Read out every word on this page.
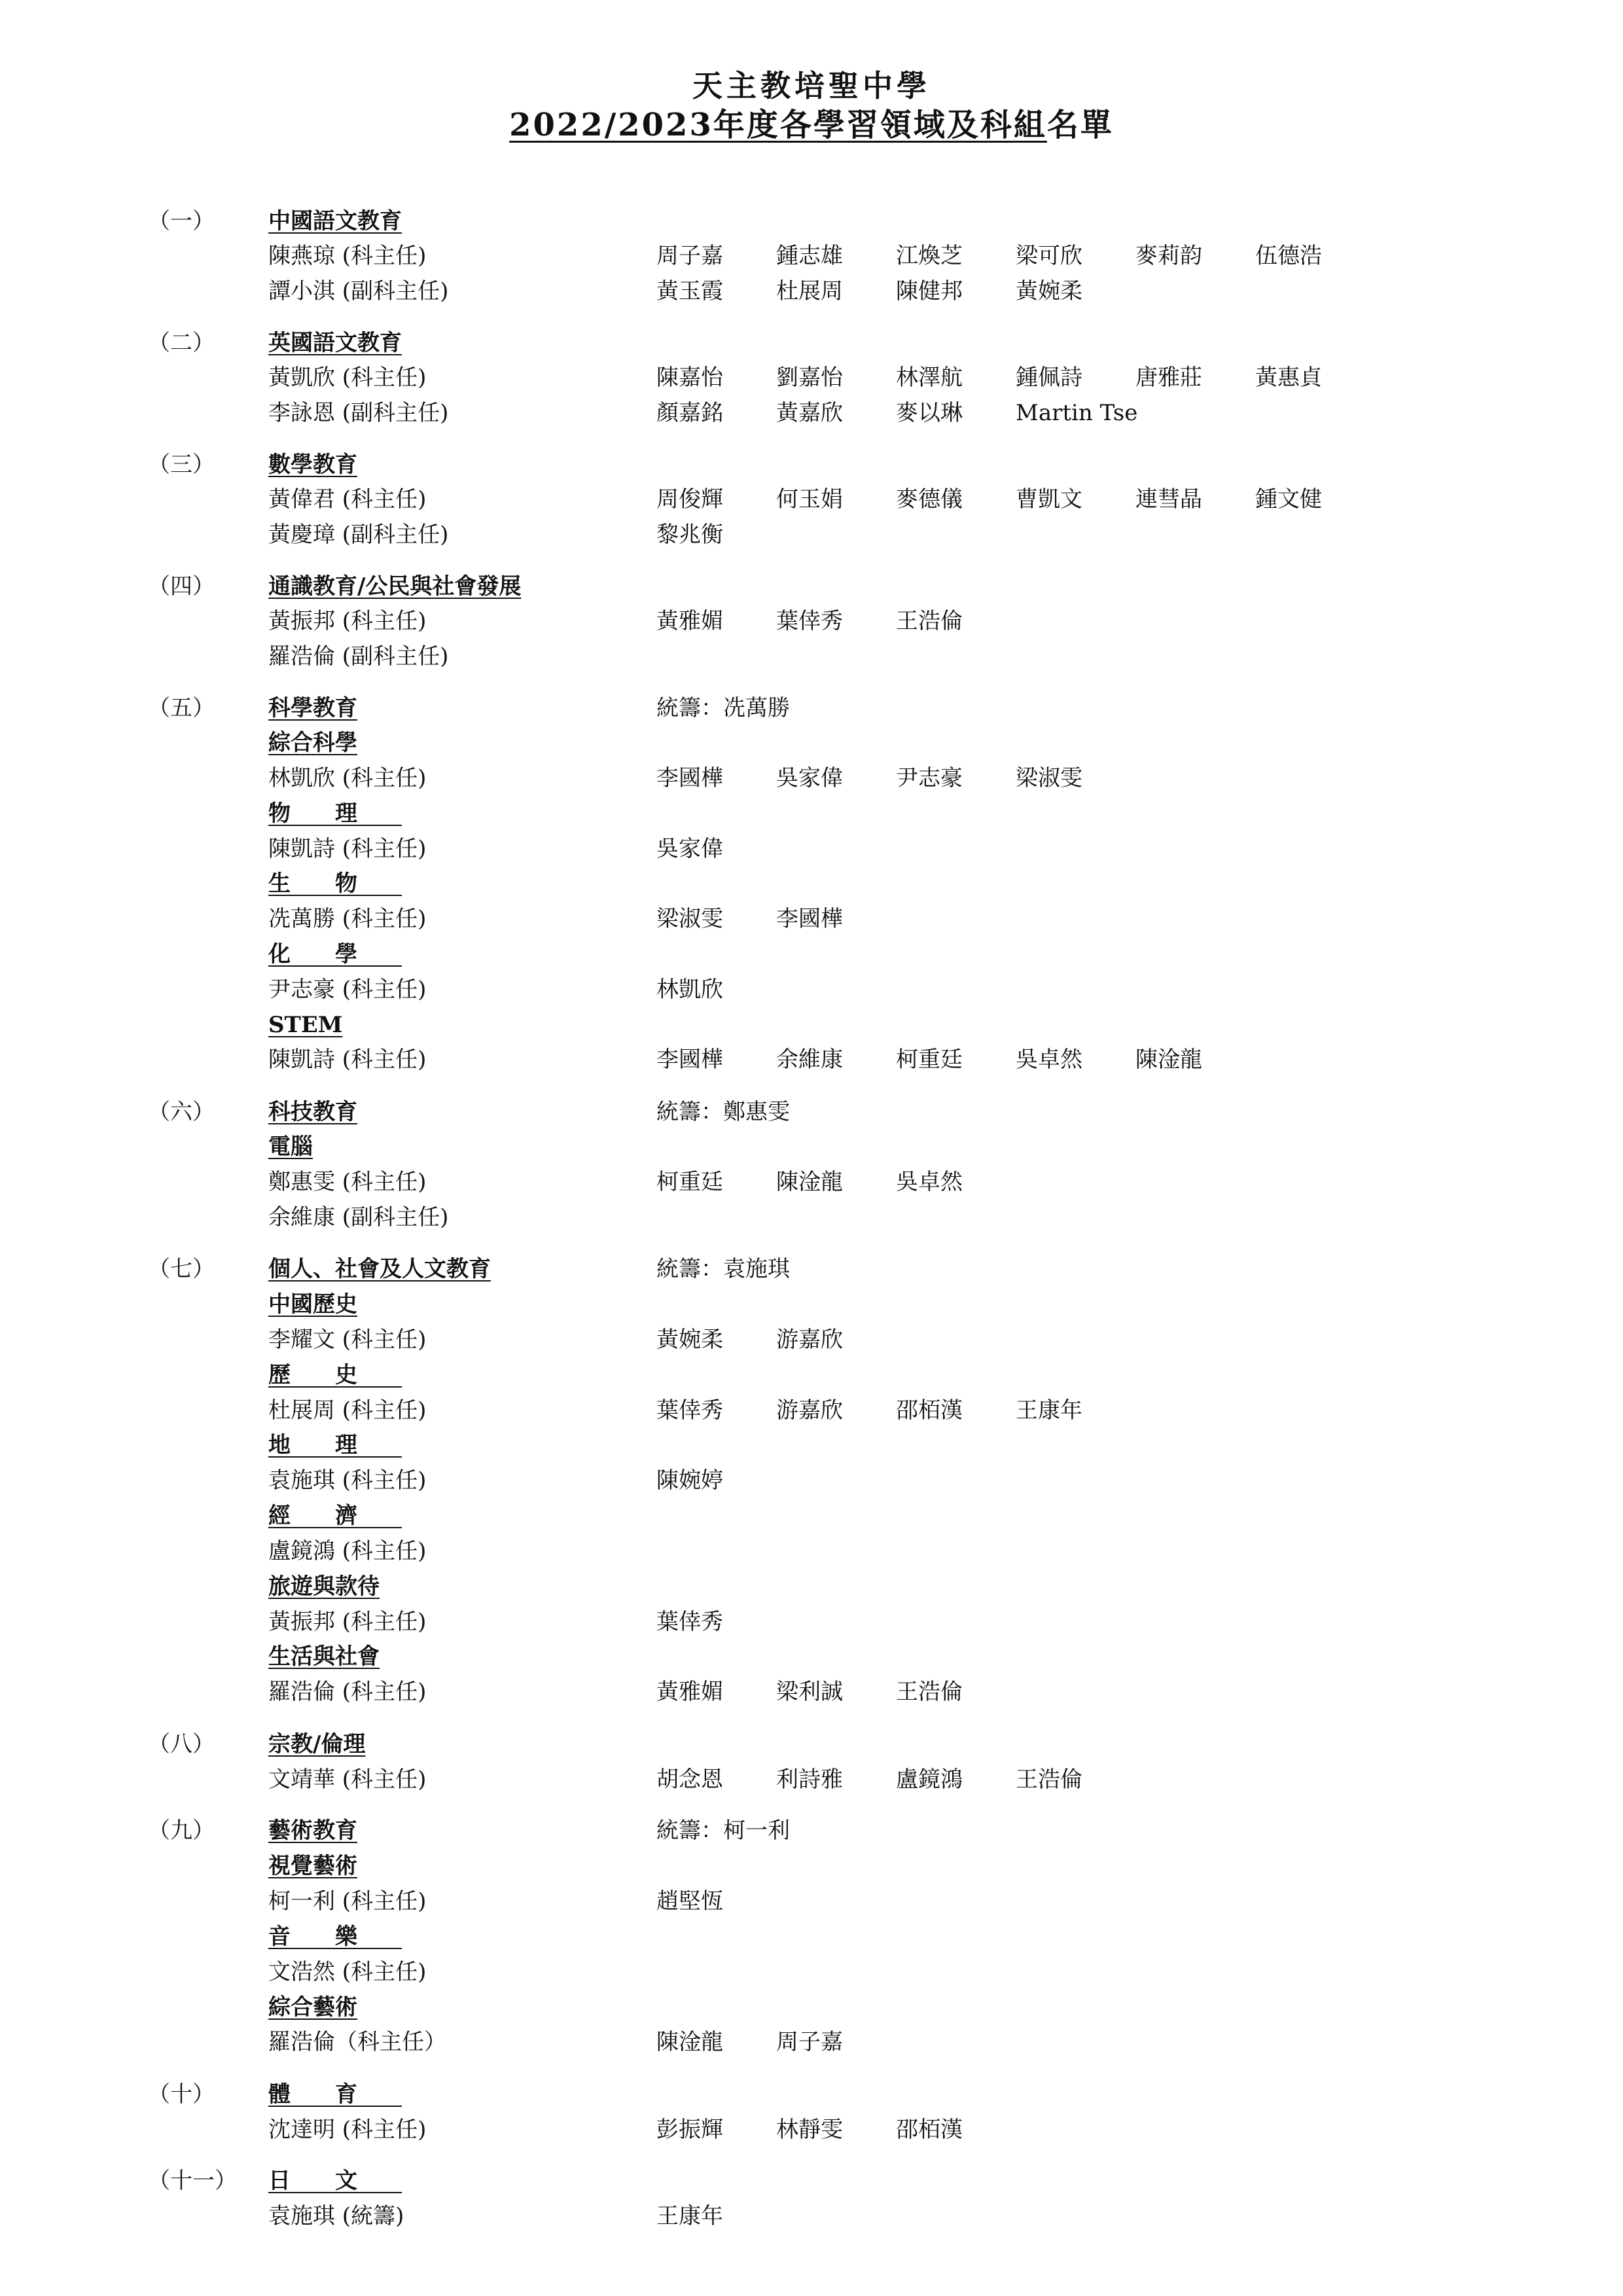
天主教培聖中學
2022/2023年度各學習領域及科組名單
（一） 中國語文教育
陳燕琼 (科主任)	周子嘉 鍾志雄 江煥芝 梁可欣 麥莉韵 伍德浩
譚小淇 (副科主任)	黃玉霞 杜展周 陳健邦 黃婉柔
（二） 英國語文教育
黃凱欣 (科主任)	陳嘉怡 劉嘉怡 林澤航 鍾佩詩 唐雅莊 黃惠貞
李詠恩 (副科主任)	顏嘉銘 黃嘉欣 麥以琳 Martin Tse
（三） 數學教育
黃偉君 (科主任)	周俊輝 何玉娟 麥德儀 曹凱文 連彗晶 鍾文健
黃慶璋 (副科主任)	黎兆衡
（四） 通識教育/公民與社會發展
黃振邦 (科主任)	黃雅媚 葉倖秀 王浩倫
羅浩倫 (副科主任)
（五） 科學教育	統籌：冼萬勝
綜合科學
林凱欣 (科主任)	李國樺 吳家偉 尹志豪 梁淑雯
物理
陳凱詩 (科主任)	吳家偉
生物
冼萬勝 (科主任)	梁淑雯 李國樺
化學
尹志豪 (科主任)	林凱欣
STEM
陳凱詩 (科主任)	李國樺 余維康 柯重廷 吳卓然 陳淦龍
（六） 科技教育	統籌：鄭惠雯
電腦
鄭惠雯 (科主任)	柯重廷 陳淦龍 吳卓然
余維康 (副科主任)
（七） 個人、社會及人文教育	統籌：袁施琪
中國歷史
李耀文 (科主任)	黃婉柔 游嘉欣
歷史
杜展周 (科主任)	葉倖秀 游嘉欣 邵栢漢 王康年
地理
袁施琪 (科主任)	陳婉婷
經濟
盧鏡鴻 (科主任)
旅遊與款待
黃振邦 (科主任)	葉倖秀
生活與社會
羅浩倫 (科主任)	黃雅媚 梁利誠 王浩倫
（八） 宗教/倫理
文靖華 (科主任)	胡念恩 利詩雅 盧鏡鴻 王浩倫
（九） 藝術教育	統籌：柯一利
視覺藝術
柯一利 (科主任)	趙堅恆
音樂
文浩然 (科主任)
綜合藝術
羅浩倫（科主任）	陳淦龍 周子嘉
（十） 體育
沈達明 (科主任)	彭振輝 林靜雯 邵栢漢
（十一） 日文
袁施琪 (統籌)	王康年
